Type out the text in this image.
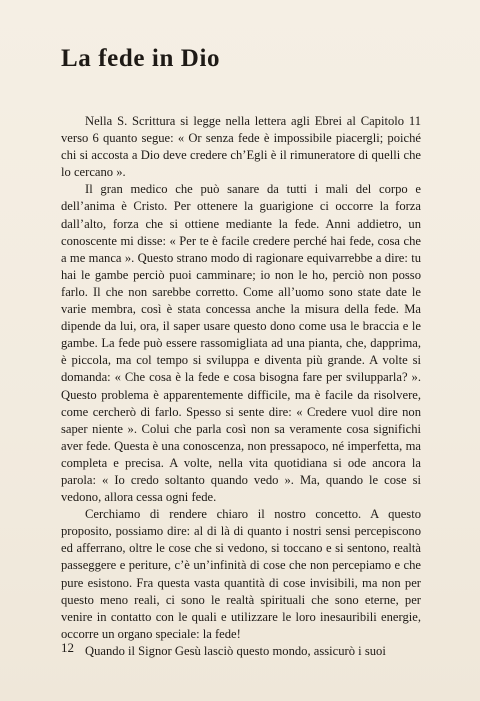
La fede in Dio

Nella S. Scrittura si legge nella lettera agli Ebrei al Capitolo 11 verso 6 quanto segue: « Or senza fede è impossibile piacergli; poiché chi si accosta a Dio deve credere ch’Egli è il rimuneratore di quelli che lo cercano ».

Il gran medico che può sanare da tutti i mali del corpo e dell’anima è Cristo. Per ottenere la guarigione ci occorre la forza dall’alto, forza che si ottiene mediante la fede. Anni addietro, un conoscente mi disse: « Per te è facile credere perché hai fede, cosa che a me manca ». Questo strano modo di ragionare equivarrebbe a dire: tu hai le gambe perciò puoi camminare; io non le ho, perciò non posso farlo. Il che non sarebbe corretto. Come all’uomo sono state date le varie membra, così è stata concessa anche la misura della fede. Ma dipende da lui, ora, il saper usare questo dono come usa le braccia e le gambe. La fede può essere rassomigliata ad una pianta, che, dapprima, è piccola, ma col tempo si sviluppa e diventa più grande. A volte si domanda: « Che cosa è la fede e cosa bisogna fare per svilupparla? ». Questo problema è apparentemente difficile, ma è facile da risolvere, come cercherò di farlo. Spesso si sente dire: « Credere vuol dire non saper niente ». Colui che parla così non sa veramente cosa significhi aver fede. Questa è una conoscenza, non pressapoco, né imperfetta, ma completa e precisa. A volte, nella vita quotidiana si ode ancora la parola: « Io credo soltanto quando vedo ». Ma, quando le cose si vedono, allora cessa ogni fede.

Cerchiamo di rendere chiaro il nostro concetto. A questo proposito, possiamo dire: al di là di quanto i nostri sensi percepiscono ed afferrano, oltre le cose che si vedono, si toccano e si sentono, realtà passeggere e periture, c’è un’infinità di cose che non percepiamo e che pure esistono. Fra questa vasta quantità di cose invisibili, ma non per questo meno reali, ci sono le realtà spirituali che sono eterne, per venire in contatto con le quali e utilizzare le loro inesauribili energie, occorre un organo speciale: la fede!

Quando il Signor Gesù lasciò questo mondo, assicurò i suoi

12
